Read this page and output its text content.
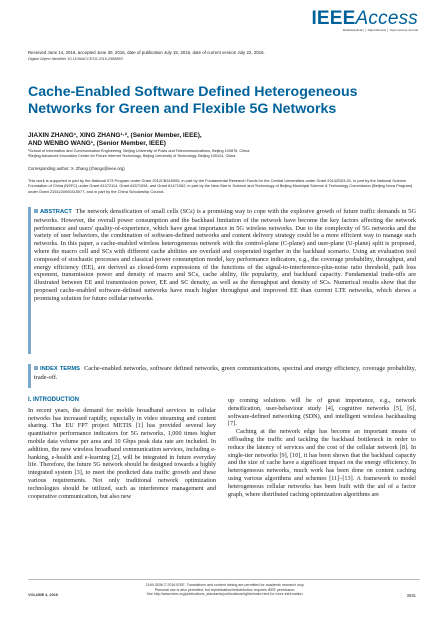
IEEEAccess
Multidisciplinary │ Rapid Review │ Open Access Journal
Received June 14, 2016, accepted June 30, 2016, date of publication July 15, 2016, date of current version July 22, 2016.
Digital Object Identifier 10.1109/ACCESS.2016.2588883
Cache-Enabled Software Defined Heterogeneous Networks for Green and Flexible 5G Networks
JIAXIN ZHANG¹, XING ZHANG¹·², (Senior Member, IEEE),
AND WENBO WANG¹, (Senior Member, IEEE)
¹School of Information and Communication Engineering, Beijing University of Posts and Telecommunications, Beijing 100876, China
²Beijing Advanced Innovation Center for Future Internet Technology, Beijing University of Technology, Beijing 100124, China
Corresponding author: X. Zhang (zhangx@ieee.org)
This work is supported in part by the National 973 Program under Grant 2012CB316005, in part by the Fundamental Research Funds for the Central Universities under Grant 2014ZD03-01, in part by the National Science Foundation of China (NSFC) under Grant 61372114, Grant 61571054, and Grant 61471062, in part by the New Star in Science and Technology of Beijing Municipal Science & Technology Commission (Beijing Nova Program) under Grant Z151100000315077, and in part by the China Scholarship Council.
ABSTRACT The network densification of small cells (SCs) is a promising way to cope with the explosive growth of future traffic demands in 5G networks. However, the overall power consumption and the backhaul limitation of the network have become the key factors affecting the network performance and users' quality-of-experience, which have great importance in 5G wireless networks. Due to the complexity of 5G networks and the variety of user behaviors, the combination of software-defined networks and content delivery strategy could be a more efficient way to manage such networks. In this paper, a cache-enabled wireless heterogeneous network with the control-plane (C-plane) and user-plane (U-plane) split is proposed, where the macro cell and SCs with different cache abilities are overlaid and cooperated together in the backhaul scenario. Using an evaluation tool composed of stochastic processes and classical power consumption model, key performance indicators, e.g., the coverage probability, throughput, and energy efficiency (EE), are derived as closed-form expressions of the functions of the signal-to-interference-plus-noise ratio threshold, path loss exponent, transmission power and density of macro and SCs, cache ability, file popularity, and backhaul capacity. Fundamental trade-offs are illustrated between EE and transmission power, EE and SC density, as well as the throughput and density of SCs. Numerical results show that the proposed cache-enabled software-defined networks have much higher throughput and improved EE than current LTE networks, which shows a promising solution for future cellular networks.
INDEX TERMS Cache-enabled networks, software defined networks, green communications, spectral and energy efficiency, coverage probability, trade-off.

I. INTRODUCTION

In recent years, the demand for mobile broadband services in cellular networks has increased rapidly, especially in video streaming and content sharing. The EU FP7 project METIS [1] has provided several key quantitative performance indicators for 5G networks, 1,000 times higher mobile data volume per area and 10 Gbps peak data rate are included. In addition, the new wireless broadband communication services, including e-banking, e-health and e-learning [2], will be integrated in future everyday life. Therefore, the future 5G network should be designed towards a highly integrated system [3], to meet the predicted data traffic growth and these various requirements. Not only traditional network optimization technologies should be utilized, such as interference management and cooperative communication, but also new

up coming solutions will be of great importance, e.g., network densification, user-behaviour study [4], cognitive networks [5], [6], software-defined networking (SDN), and intelligent wireless backhauling [7].

Caching at the network edge has become an important means of offloading the traffic and tackling the backhaul bottleneck in order to reduce the latency of services and the cost of the cellular network [8]. In single-tier networks [9], [10], it has been shown that the backhaul capacity and the size of cache have a significant impact on the energy efficiency. In heterogeneous networks, much work has been done on content caching using various algorithms and schemes [11]–[13]. A framework to model heterogeneous cellular networks has been built with the aid of a factor graph, where distributed caching optimization algorithms are

2169-3536 © 2016 IEEE. Translations and content mining are permitted for academic research only.
Personal use is also permitted, but republication/redistribution requires IEEE permission.
See http://www.ieee.org/publications_standards/publications/rights/index.html for more information.
VOLUME 4, 2016	3591
